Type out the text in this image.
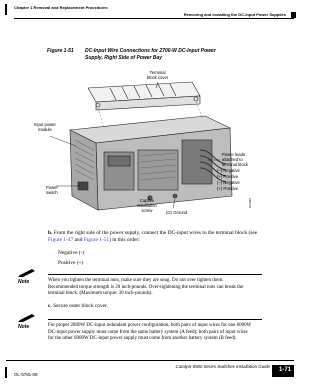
Chapter 1 Removal and Replacement Procedures
Removing and Installing the DC-Input Power Supplies
Figure 1-51 DC-Input Wire Connections for 2700-W DC-Input Power Supply, Right Side of Power Bay
Terminal
block cover
Input power
module
Power
switch
Captive
installation
screw	(G) Ground
Power leads
attached to
terminal block
(–) Negative
(+) Positive
(–) Negative
(+) Positive
101386
b. From the right side of the power supply, connect the DC-input wires to the terminal block (see Figure 1-47 and Figure 1-51) in this order:
Negative (-)
Positive (+)
Note	When you tighten the terminal nuts, make sure they are snug. Do not over tighten them. Recommended torque strength is 20 inch-pounds. Over-tightening the terminal nuts can break the terminal block. (Maximum torque: 30 inch-pounds).
c. Secure outer block cover.
Note	For proper 2800W DC-input redundant power configuration, both pairs of input wires for one 6000W DC-input power supply must come from the same battery system (A feed); both pairs of input wires for the other 6000W DC-input power supply must come from another battery system (B feed).
Catalyst 6500 Series Switches Installation Guide
OL-5781-08
1-71
